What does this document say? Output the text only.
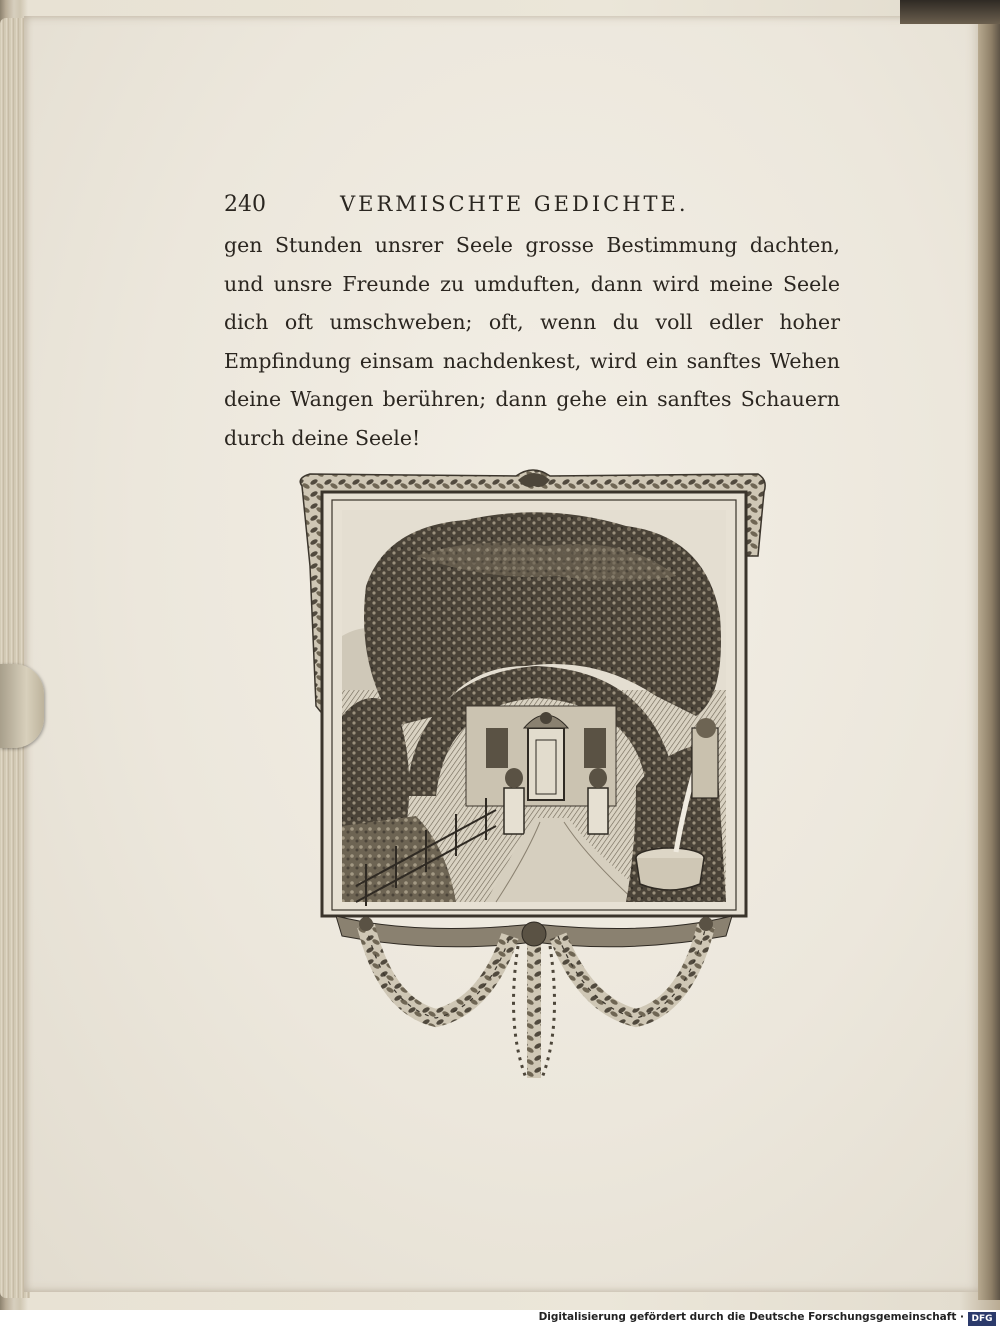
240	VERMISCHTE GEDICHTE.
gen Stunden unsrer Seele grosse Bestimmung dachten,
und unsre Freunde zu umduften, dann wird meine Seele
dich oft umschweben; oft, wenn du voll edler hoher
Empfindung einsam nachdenkest, wird ein sanftes Wehen
deine Wangen berühren; dann gehe ein sanftes Schauern
durch deine Seele!
Digitalisierung gefördert durch die Deutsche Forschungsgemeinschaft · DFG
